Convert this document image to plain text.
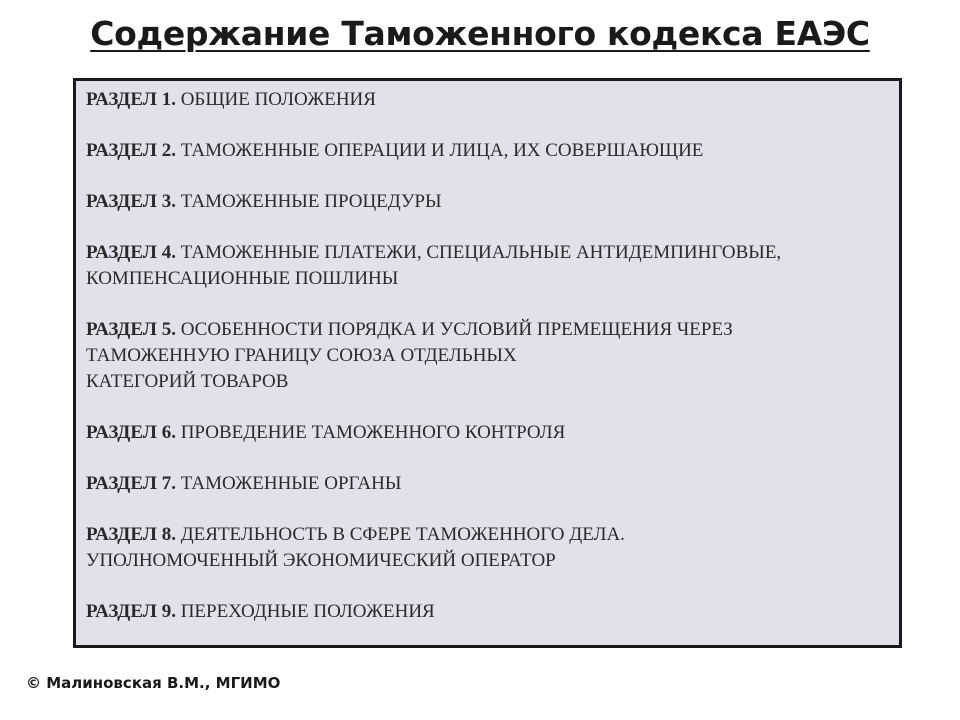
Содержание Таможенного кодекса ЕАЭС
РАЗДЕЛ 1. ОБЩИЕ ПОЛОЖЕНИЯ
РАЗДЕЛ 2. ТАМОЖЕННЫЕ ОПЕРАЦИИ И ЛИЦА, ИХ СОВЕРШАЮЩИЕ
РАЗДЕЛ 3. ТАМОЖЕННЫЕ ПРОЦЕДУРЫ
РАЗДЕЛ 4. ТАМОЖЕННЫЕ ПЛАТЕЖИ, СПЕЦИАЛЬНЫЕ АНТИДЕМПИНГОВЫЕ,
КОМПЕНСАЦИОННЫЕ ПОШЛИНЫ
РАЗДЕЛ 5. ОСОБЕННОСТИ ПОРЯДКА И УСЛОВИЙ ПРЕМЕЩЕНИЯ ЧЕРЕЗ
ТАМОЖЕННУЮ ГРАНИЦУ СОЮЗА ОТДЕЛЬНЫХ
КАТЕГОРИЙ ТОВАРОВ
РАЗДЕЛ 6. ПРОВЕДЕНИЕ ТАМОЖЕННОГО КОНТРОЛЯ
РАЗДЕЛ 7. ТАМОЖЕННЫЕ ОРГАНЫ
РАЗДЕЛ 8. ДЕЯТЕЛЬНОСТЬ В СФЕРЕ ТАМОЖЕННОГО ДЕЛА.
УПОЛНОМОЧЕННЫЙ ЭКОНОМИЧЕСКИЙ ОПЕРАТОР
РАЗДЕЛ 9. ПЕРЕХОДНЫЕ ПОЛОЖЕНИЯ
© Малиновская В.М., МГИМО
